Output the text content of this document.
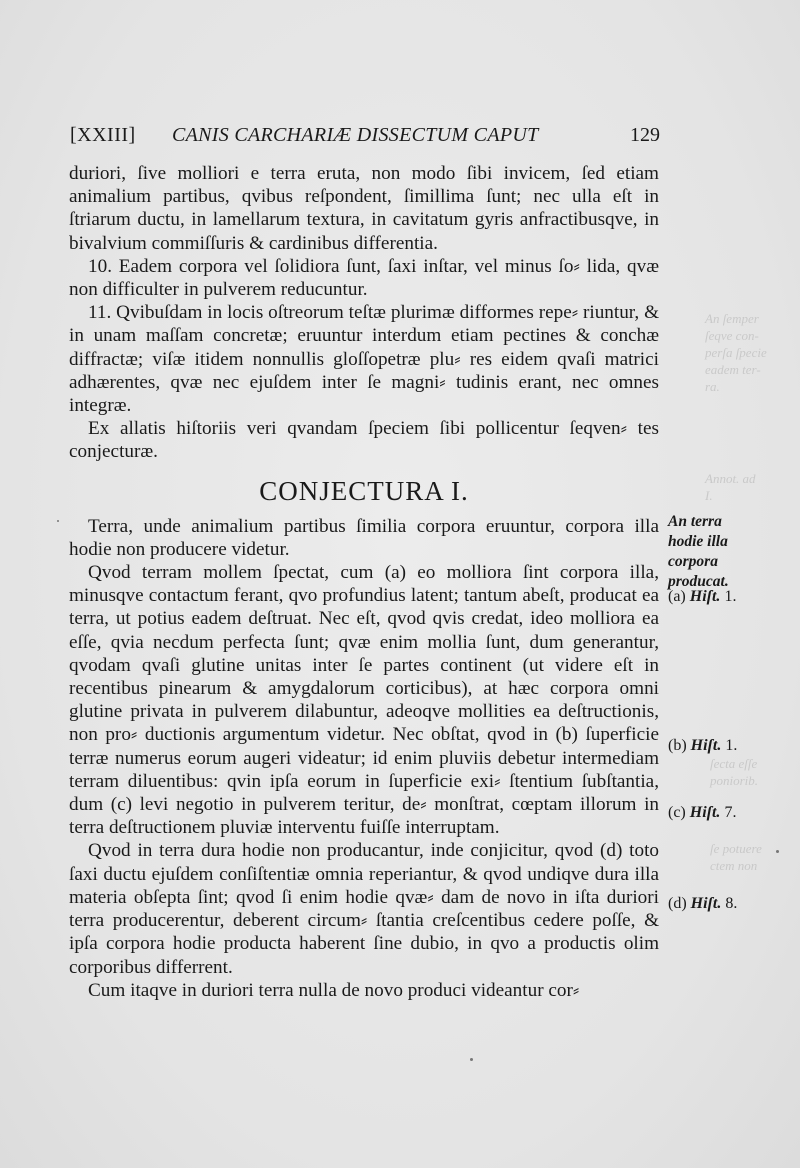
An ſemper
ſeqve con-
perſa ſpecie
eadem ter-
ra.
Annot. ad
I.
ſecta eſſe
poniorib.
ſe potuere
ctem non
[XXIII] CANIS CARCHARIÆ DISSECTUM CAPUT	129

duriori, ſive molliori e terra eruta, non modo ſibi invicem, ſed etiam animalium partibus, qvibus reſpondent, ſimillima ſunt; nec ulla eſt in ſtriarum ductu, in lamellarum textura, in cavitatum gyris anfractibusqve, in bivalvium commiſſuris & cardinibus differentia.

10. Eadem corpora vel ſolidiora ſunt, ſaxi inſtar, vel minus ſo⸗ lida, qvæ non difficulter in pulverem reducuntur.

11. Qvibuſdam in locis oſtreorum teſtæ plurimæ difformes repe⸗ riuntur, & in unam maſſam concretæ; eruuntur interdum etiam pectines & conchæ diffractæ; viſæ itidem nonnullis gloſſopetræ plu⸗ res eidem qvaſi matrici adhærentes, qvæ nec ejuſdem inter ſe magni⸗ tudinis erant, nec omnes integræ.

Ex allatis hiſtoriis veri qvandam ſpeciem ſibi pollicentur ſeqven⸗ tes conjecturæ.

CONJECTURA I.

Terra, unde animalium partibus ſimilia corpora eruuntur, corpora illa hodie non producere videtur.

Qvod terram mollem ſpectat, cum (a) eo molliora ſint corpora illa, minusqve contactum ferant, qvo profundius latent; tantum abeſt, producat ea terra, ut potius eadem deſtruat. Nec eſt, qvod qvis credat, ideo molliora ea eſſe, qvia necdum perfecta ſunt; qvæ enim mollia ſunt, dum generantur, qvodam qvaſi glutine unitas inter ſe partes continent (ut videre eſt in recentibus pinearum & amygdalorum corticibus), at hæc corpora omni glutine privata in pulverem dilabuntur, adeoqve mollities ea deſtructionis, non pro⸗ ductionis argumentum videtur. Nec obſtat, qvod in (b) ſuperficie terræ numerus eorum augeri videatur; id enim pluviis debetur intermediam terram diluentibus: qvin ipſa eorum in ſuperficie exi⸗ ſtentium ſubſtantia, dum (c) levi negotio in pulverem teritur, de⸗ monſtrat, cœptam illorum in terra deſtructionem pluviæ interventu fuiſſe interruptam.

Qvod in terra dura hodie non producantur, inde conjicitur, qvod (d) toto ſaxi ductu ejuſdem conſiſtentiæ omnia reperiantur, & qvod undiqve dura illa materia obſepta ſint; qvod ſi enim hodie qvæ⸗ dam de novo in iſta duriori terra producerentur, deberent circum⸗ ſtantia creſcentibus cedere poſſe, & ipſa corpora hodie producta haberent ſine dubio, in qvo a productis olim corporibus differrent.

Cum itaqve in duriori terra nulla de novo produci videantur cor⸗

An terra
hodie illa
corpora
producat.
(a) Hiſt. 1.
(b) Hiſt. 1.
(c) Hiſt. 7.
(d) Hiſt. 8.
